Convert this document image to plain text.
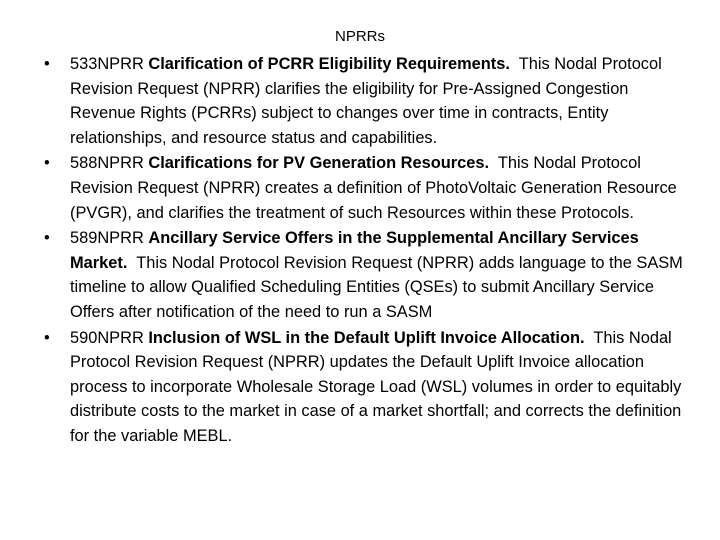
NPRRs
•	533NPRR Clarification of PCRR Eligibility Requirements. This Nodal Protocol Revision Request (NPRR) clarifies the eligibility for Pre-Assigned Congestion Revenue Rights (PCRRs) subject to changes over time in contracts, Entity relationships, and resource status and capabilities.
•	588NPRR Clarifications for PV Generation Resources. This Nodal Protocol Revision Request (NPRR) creates a definition of PhotoVoltaic Generation Resource (PVGR), and clarifies the treatment of such Resources within these Protocols.
•	589NPRR Ancillary Service Offers in the Supplemental Ancillary Services Market. This Nodal Protocol Revision Request (NPRR) adds language to the SASM timeline to allow Qualified Scheduling Entities (QSEs) to submit Ancillary Service Offers after notification of the need to run a SASM
•	590NPRR Inclusion of WSL in the Default Uplift Invoice Allocation. This Nodal Protocol Revision Request (NPRR) updates the Default Uplift Invoice allocation process to incorporate Wholesale Storage Load (WSL) volumes in order to equitably distribute costs to the market in case of a market shortfall; and corrects the definition for the variable MEBL.
